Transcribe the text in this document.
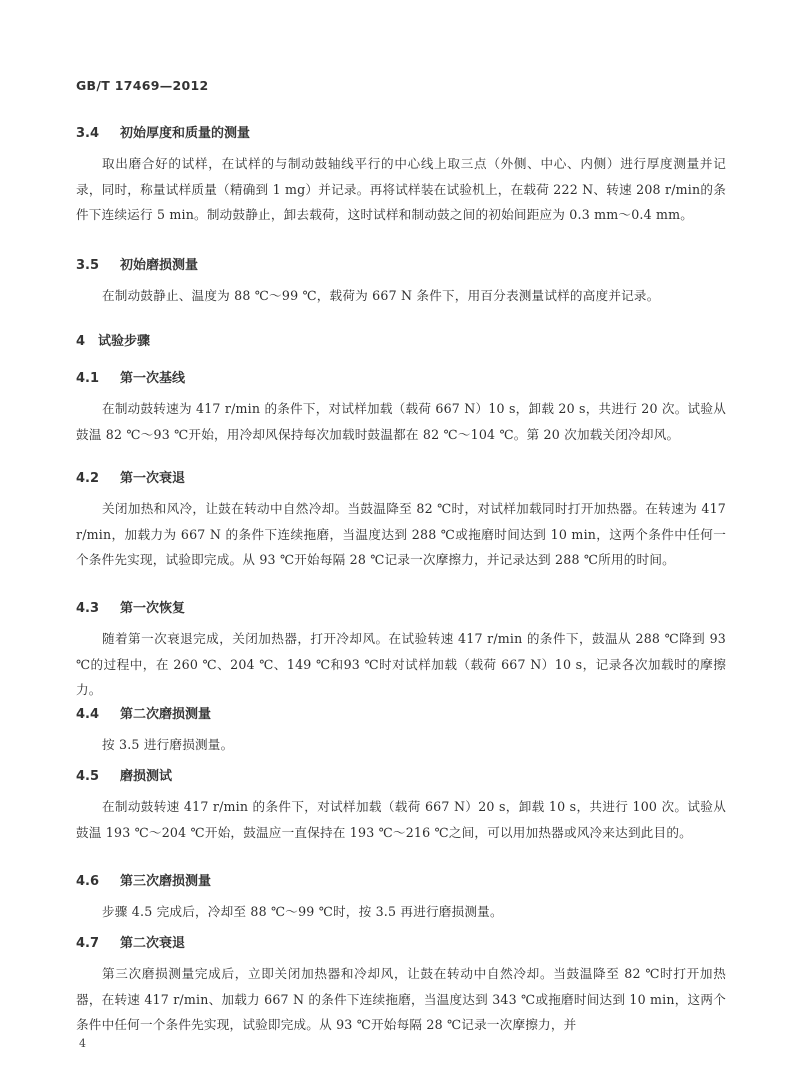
GB/T 17469—2012
3.4 初始厚度和质量的测量

取出磨合好的试样，在试样的与制动鼓轴线平行的中心线上取三点（外侧、中心、内侧）进行厚度测量并记录，同时，称量试样质量（精确到 1 mg）并记录。再将试样装在试验机上，在载荷 222 N、转速 208 r/min的条件下连续运行 5 min。制动鼓静止，卸去载荷，这时试样和制动鼓之间的初始间距应为 0.3 mm～0.4 mm。

3.5 初始磨损测量

在制动鼓静止、温度为 88 ℃～99 ℃，载荷为 667 N 条件下，用百分表测量试样的高度并记录。

4 试验步骤
4.1 第一次基线

在制动鼓转速为 417 r/min 的条件下，对试样加载（载荷 667 N）10 s，卸载 20 s，共进行 20 次。试验从鼓温 82 ℃～93 ℃开始，用冷却风保持每次加载时鼓温都在 82 ℃～104 ℃。第 20 次加载关闭冷却风。

4.2 第一次衰退

关闭加热和风冷，让鼓在转动中自然冷却。当鼓温降至 82 ℃时，对试样加载同时打开加热器。在转速为 417 r/min，加载力为 667 N 的条件下连续拖磨，当温度达到 288 ℃或拖磨时间达到 10 min，这两个条件中任何一个条件先实现，试验即完成。从 93 ℃开始每隔 28 ℃记录一次摩擦力，并记录达到 288 ℃所用的时间。

4.3 第一次恢复

随着第一次衰退完成，关闭加热器，打开冷却风。在试验转速 417 r/min 的条件下，鼓温从 288 ℃降到 93 ℃的过程中，在 260 ℃、204 ℃、149 ℃和93 ℃时对试样加载（载荷 667 N）10 s，记录各次加载时的摩擦力。

4.4 第二次磨损测量

按 3.5 进行磨损测量。

4.5 磨损测试

在制动鼓转速 417 r/min 的条件下，对试样加载（载荷 667 N）20 s，卸载 10 s，共进行 100 次。试验从鼓温 193 ℃～204 ℃开始，鼓温应一直保持在 193 ℃～216 ℃之间，可以用加热器或风冷来达到此目的。

4.6 第三次磨损测量

步骤 4.5 完成后，冷却至 88 ℃～99 ℃时，按 3.5 再进行磨损测量。

4.7 第二次衰退

第三次磨损测量完成后，立即关闭加热器和冷却风，让鼓在转动中自然冷却。当鼓温降至 82 ℃时打开加热器，在转速 417 r/min、加载力 667 N 的条件下连续拖磨，当温度达到 343 ℃或拖磨时间达到 10 min，这两个条件中任何一个条件先实现，试验即完成。从 93 ℃开始每隔 28 ℃记录一次摩擦力，并

4
